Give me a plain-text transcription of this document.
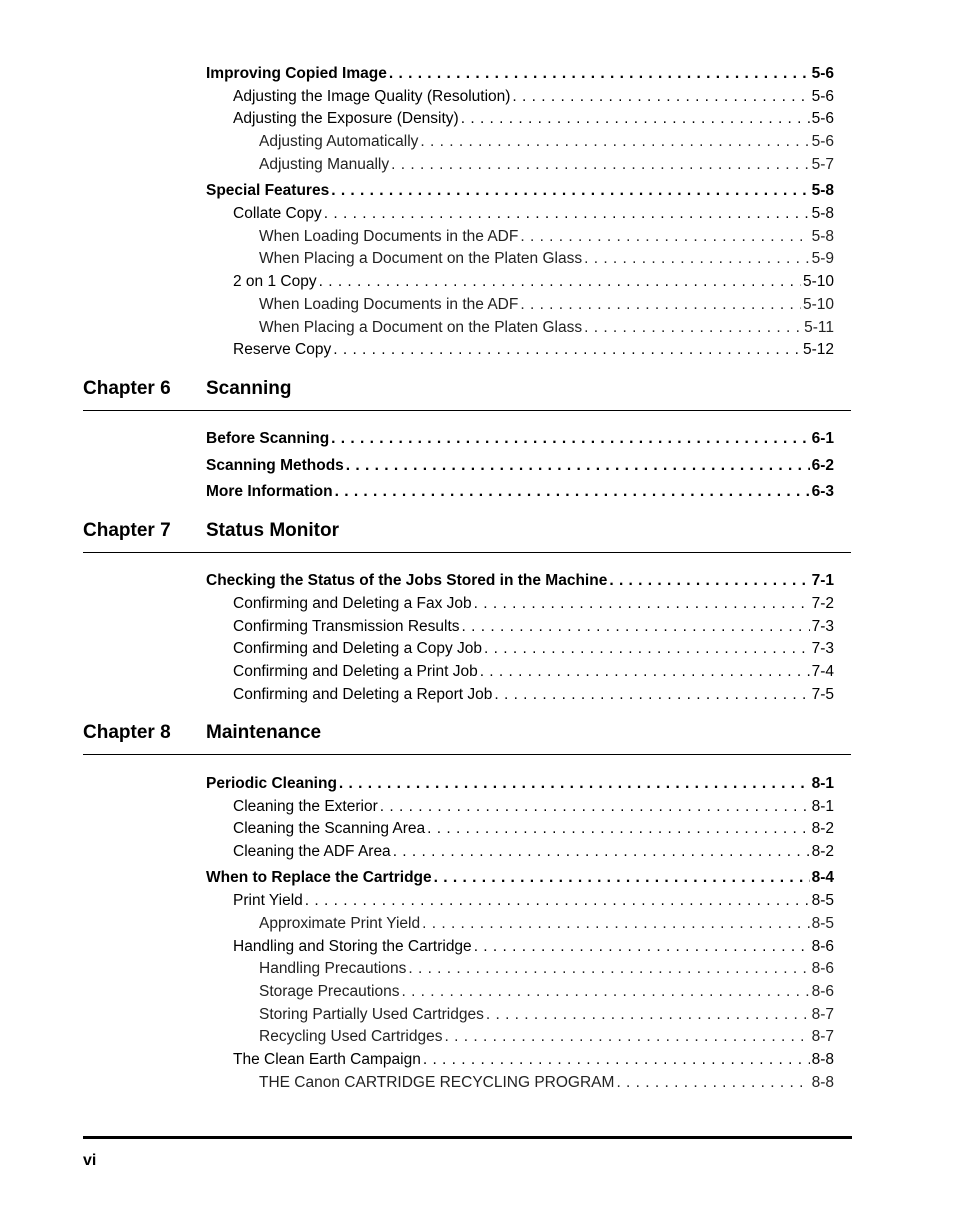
Improving Copied Image . . .	5-6
Adjusting the Image Quality (Resolution) . . .	5-6
Adjusting the Exposure (Density) . . .	5-6
Adjusting Automatically . . .	5-6
Adjusting Manually . . .	5-7
Special Features . . .	5-8
Collate Copy . . .	5-8
When Loading Documents in the ADF . . .	5-8
When Placing a Document on the Platen Glass . . .	5-9
2 on 1 Copy . . .	5-10
When Loading Documents in the ADF . . .	5-10
When Placing a Document on the Platen Glass . . .	5-11
Reserve Copy . . .	5-12
Chapter 6 Scanning
Before Scanning . . .	6-1
Scanning Methods . . .	6-2
More Information . . .	6-3
Chapter 7 Status Monitor
Checking the Status of the Jobs Stored in the Machine . . .	7-1
Confirming and Deleting a Fax Job . . .	7-2
Confirming Transmission Results . . .	7-3
Confirming and Deleting a Copy Job . . .	7-3
Confirming and Deleting a Print Job . . .	7-4
Confirming and Deleting a Report Job . . .	7-5
Chapter 8 Maintenance
Periodic Cleaning . . .	8-1
Cleaning the Exterior . . .	8-1
Cleaning the Scanning Area . . .	8-2
Cleaning the ADF Area . . .	8-2
When to Replace the Cartridge . . .	8-4
Print Yield . . .	8-5
Approximate Print Yield . . .	8-5
Handling and Storing the Cartridge . . .	8-6
Handling Precautions . . .	8-6
Storage Precautions . . .	8-6
Storing Partially Used Cartridges . . .	8-7
Recycling Used Cartridges . . .	8-7
The Clean Earth Campaign . . .	8-8
THE Canon CARTRIDGE RECYCLING PROGRAM . . .	8-8
vi
